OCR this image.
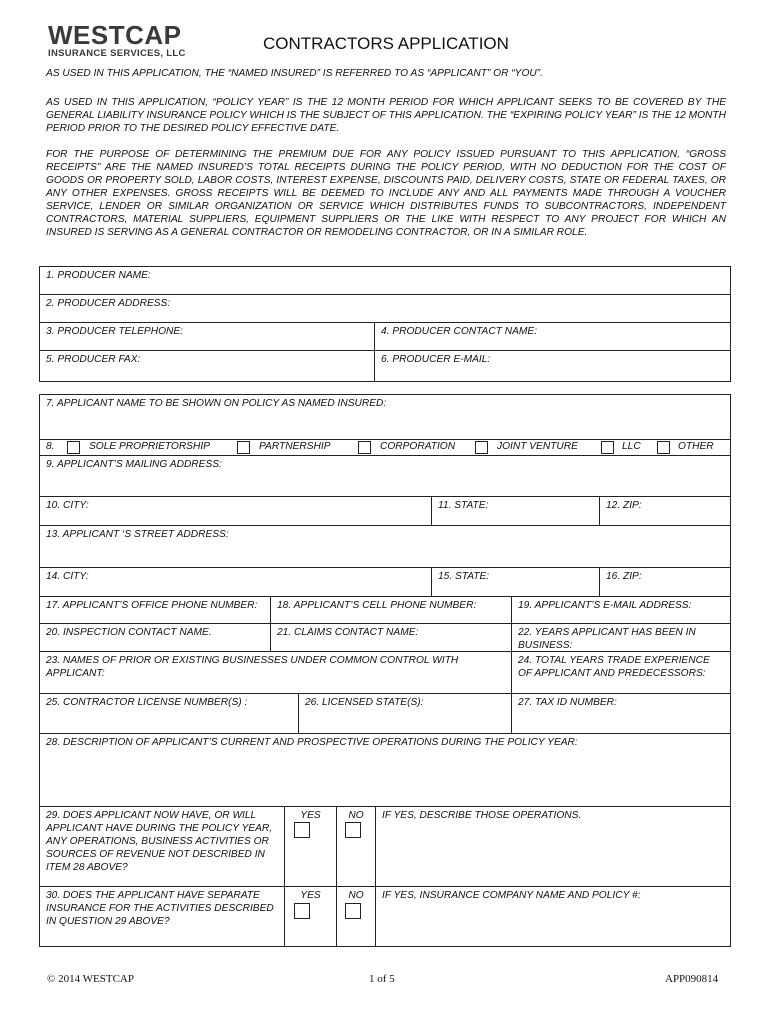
WESTCAP
INSURANCE SERVICES, LLC
CONTRACTORS APPLICATION
AS USED IN THIS APPLICATION, THE “NAMED INSURED” IS REFERRED TO AS “APPLICANT” OR “YOU”.
AS USED IN THIS APPLICATION, “POLICY YEAR” IS THE 12 MONTH PERIOD FOR WHICH APPLICANT SEEKS TO BE COVERED BY THE GENERAL LIABILITY INSURANCE POLICY WHICH IS THE SUBJECT OF THIS APPLICATION. THE “EXPIRING POLICY YEAR” IS THE 12 MONTH PERIOD PRIOR TO THE DESIRED POLICY EFFECTIVE DATE.
FOR THE PURPOSE OF DETERMINING THE PREMIUM DUE FOR ANY POLICY ISSUED PURSUANT TO THIS APPLICATION, “GROSS RECEIPTS” ARE THE NAMED INSURED’S TOTAL RECEIPTS DURING THE POLICY PERIOD, WITH NO DEDUCTION FOR THE COST OF GOODS OR PROPERTY SOLD, LABOR COSTS, INTEREST EXPENSE, DISCOUNTS PAID, DELIVERY COSTS, STATE OR FEDERAL TAXES, OR ANY OTHER EXPENSES. GROSS RECEIPTS WILL BE DEEMED TO INCLUDE ANY AND ALL PAYMENTS MADE THROUGH A VOUCHER SERVICE, LENDER OR SIMILAR ORGANIZATION OR SERVICE WHICH DISTRIBUTES FUNDS TO SUBCONTRACTORS, INDEPENDENT CONTRACTORS, MATERIAL SUPPLIERS, EQUIPMENT SUPPLIERS OR THE LIKE WITH RESPECT TO ANY PROJECT FOR WHICH AN INSURED IS SERVING AS A GENERAL CONTRACTOR OR REMODELING CONTRACTOR, OR IN A SIMILAR ROLE.
1. PRODUCER NAME:
2. PRODUCER ADDRESS:
3. PRODUCER TELEPHONE:	4. PRODUCER CONTACT NAME:
5. PRODUCER FAX:	6. PRODUCER E-MAIL:
7. APPLICANT NAME TO BE SHOWN ON POLICY AS NAMED INSURED:
8.	SOLE PROPRIETORSHIP	PARTNERSHIP	CORPORATION	JOINT VENTURE	LLC	OTHER
9. APPLICANT’S MAILING ADDRESS:
10. CITY:	11. STATE:	12. ZIP:
13. APPLICANT ‘S STREET ADDRESS:
14. CITY:	15. STATE:	16. ZIP:
17. APPLICANT’S OFFICE PHONE NUMBER:	18. APPLICANT’S CELL PHONE NUMBER:	19. APPLICANT’S E-MAIL ADDRESS:
20. INSPECTION CONTACT NAME.	21. CLAIMS CONTACT NAME:	22. YEARS APPLICANT HAS BEEN IN BUSINESS:
23. NAMES OF PRIOR OR EXISTING BUSINESSES UNDER COMMON CONTROL WITH APPLICANT:
24. TOTAL YEARS TRADE EXPERIENCE OF APPLICANT AND PREDECESSORS:
25. CONTRACTOR LICENSE NUMBER(S) :	26. LICENSED STATE(S):	27. TAX ID NUMBER:
28. DESCRIPTION OF APPLICANT’S CURRENT AND PROSPECTIVE OPERATIONS DURING THE POLICY YEAR:
29. DOES APPLICANT NOW HAVE, OR WILL APPLICANT HAVE DURING THE POLICY YEAR, ANY OPERATIONS, BUSINESS ACTIVITIES OR SOURCES OF REVENUE NOT DESCRIBED IN ITEM 28 ABOVE?
YES	NO	IF YES, DESCRIBE THOSE OPERATIONS.
30. DOES THE APPLICANT HAVE SEPARATE INSURANCE FOR THE ACTIVITIES DESCRIBED IN QUESTION 29 ABOVE?
YES	NO	IF YES, INSURANCE COMPANY NAME AND POLICY #:
© 2014 WESTCAP	1 of 5	APP090814
